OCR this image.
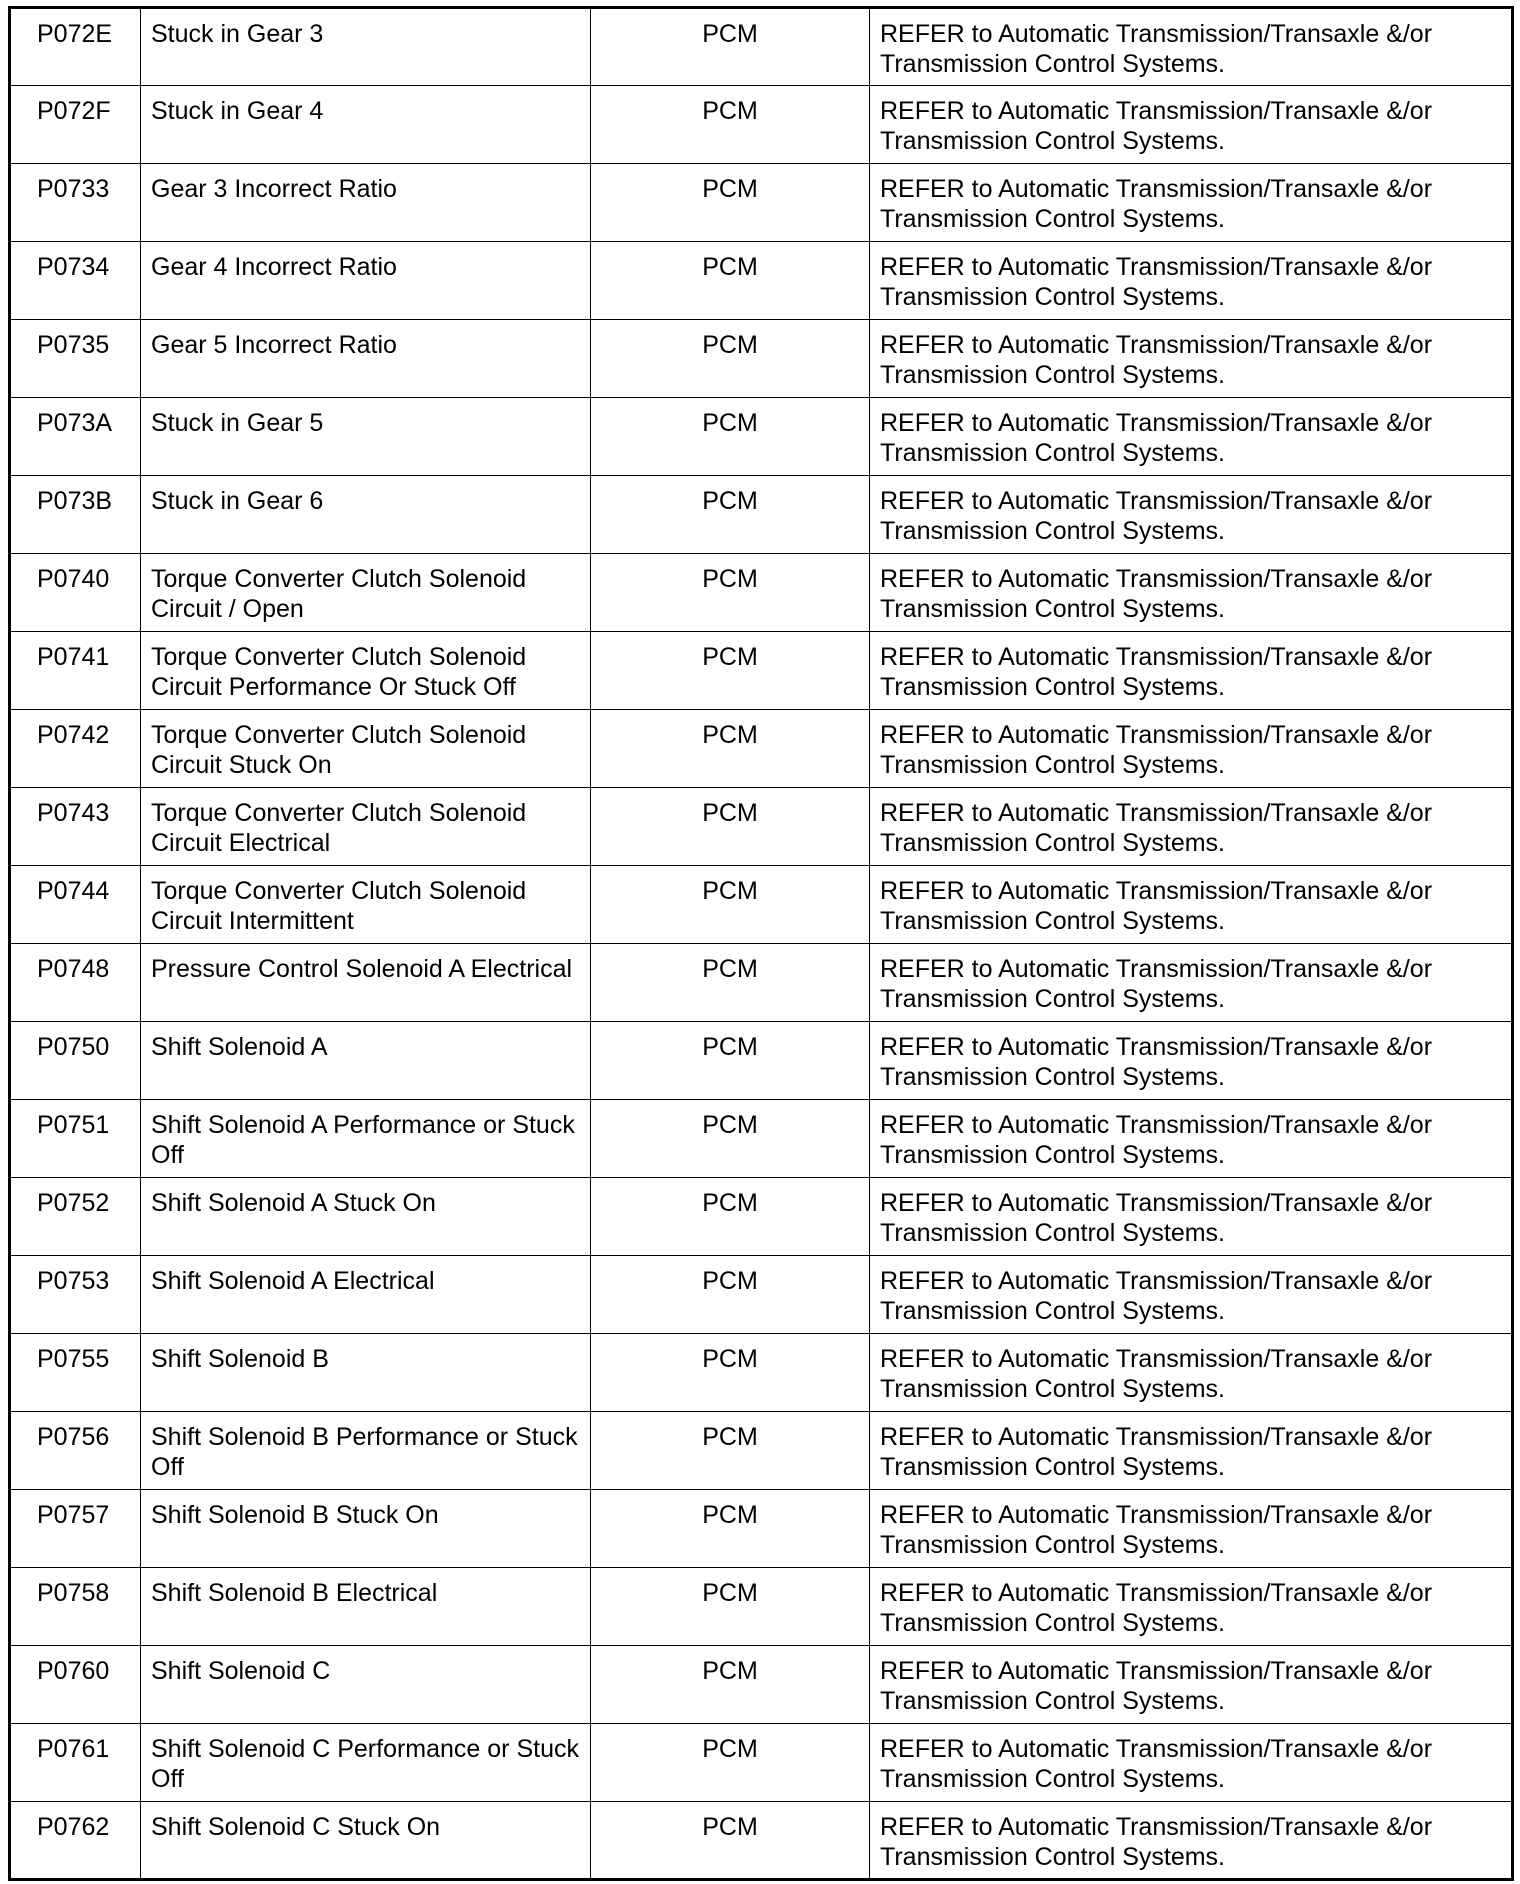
P072E	Stuck in Gear 3	PCM	REFER to Automatic Transmission/Transaxle &/or Transmission Control Systems.
P072F	Stuck in Gear 4	PCM	REFER to Automatic Transmission/Transaxle &/or Transmission Control Systems.
P0733	Gear 3 Incorrect Ratio	PCM	REFER to Automatic Transmission/Transaxle &/or Transmission Control Systems.
P0734	Gear 4 Incorrect Ratio	PCM	REFER to Automatic Transmission/Transaxle &/or Transmission Control Systems.
P0735	Gear 5 Incorrect Ratio	PCM	REFER to Automatic Transmission/Transaxle &/or Transmission Control Systems.
P073A	Stuck in Gear 5	PCM	REFER to Automatic Transmission/Transaxle &/or Transmission Control Systems.
P073B	Stuck in Gear 6	PCM	REFER to Automatic Transmission/Transaxle &/or Transmission Control Systems.
P0740	Torque Converter Clutch Solenoid Circuit / Open	PCM	REFER to Automatic Transmission/Transaxle &/or Transmission Control Systems.
P0741	Torque Converter Clutch Solenoid Circuit Performance Or Stuck Off	PCM	REFER to Automatic Transmission/Transaxle &/or Transmission Control Systems.
P0742	Torque Converter Clutch Solenoid Circuit Stuck On	PCM	REFER to Automatic Transmission/Transaxle &/or Transmission Control Systems.
P0743	Torque Converter Clutch Solenoid Circuit Electrical	PCM	REFER to Automatic Transmission/Transaxle &/or Transmission Control Systems.
P0744	Torque Converter Clutch Solenoid Circuit Intermittent	PCM	REFER to Automatic Transmission/Transaxle &/or Transmission Control Systems.
P0748	Pressure Control Solenoid A Electrical	PCM	REFER to Automatic Transmission/Transaxle &/or Transmission Control Systems.
P0750	Shift Solenoid A	PCM	REFER to Automatic Transmission/Transaxle &/or Transmission Control Systems.
P0751	Shift Solenoid A Performance or Stuck Off	PCM	REFER to Automatic Transmission/Transaxle &/or Transmission Control Systems.
P0752	Shift Solenoid A Stuck On	PCM	REFER to Automatic Transmission/Transaxle &/or Transmission Control Systems.
P0753	Shift Solenoid A Electrical	PCM	REFER to Automatic Transmission/Transaxle &/or Transmission Control Systems.
P0755	Shift Solenoid B	PCM	REFER to Automatic Transmission/Transaxle &/or Transmission Control Systems.
P0756	Shift Solenoid B Performance or Stuck Off	PCM	REFER to Automatic Transmission/Transaxle &/or Transmission Control Systems.
P0757	Shift Solenoid B Stuck On	PCM	REFER to Automatic Transmission/Transaxle &/or Transmission Control Systems.
P0758	Shift Solenoid B Electrical	PCM	REFER to Automatic Transmission/Transaxle &/or Transmission Control Systems.
P0760	Shift Solenoid C	PCM	REFER to Automatic Transmission/Transaxle &/or Transmission Control Systems.
P0761	Shift Solenoid C Performance or Stuck Off	PCM	REFER to Automatic Transmission/Transaxle &/or Transmission Control Systems.
P0762	Shift Solenoid C Stuck On	PCM	REFER to Automatic Transmission/Transaxle &/or Transmission Control Systems.
